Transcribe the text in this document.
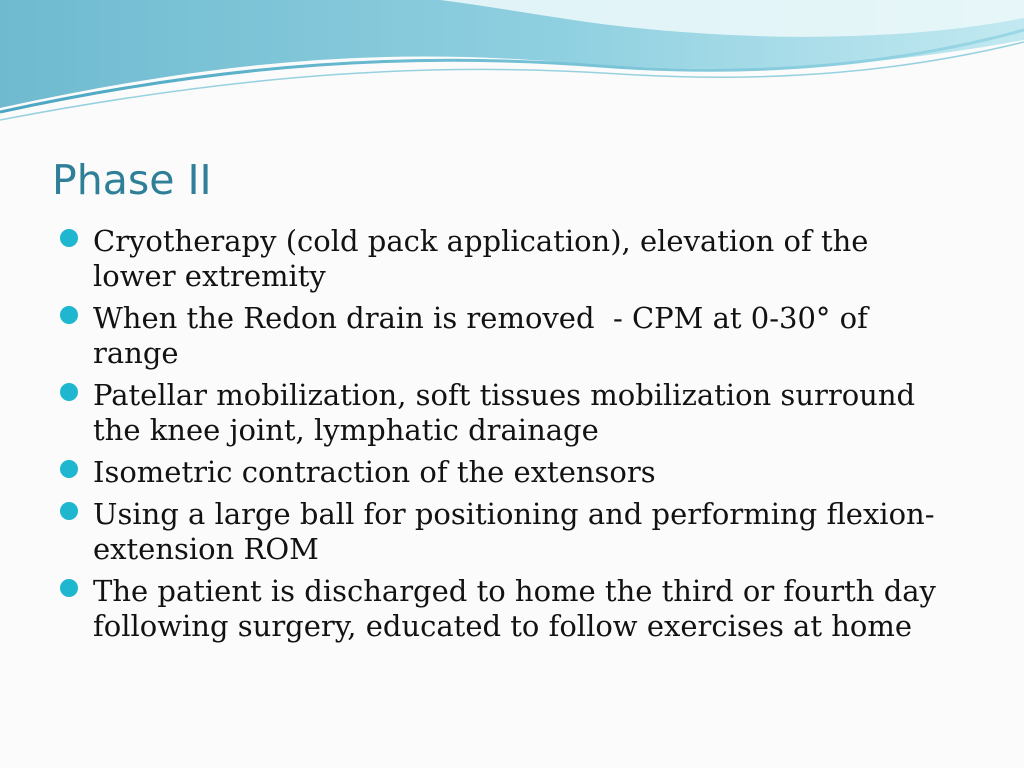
Phase II
Cryotherapy (cold pack application), elevation of the lower extremity
When the Redon drain is removed  - CPM at 0-30° of range
Patellar mobilization, soft tissues mobilization surround the knee joint, lymphatic drainage
Isometric contraction of the extensors
Using a large ball for positioning and performing flexion-extension ROM
The patient is discharged to home the third or fourth day following surgery, educated to follow exercises at home
